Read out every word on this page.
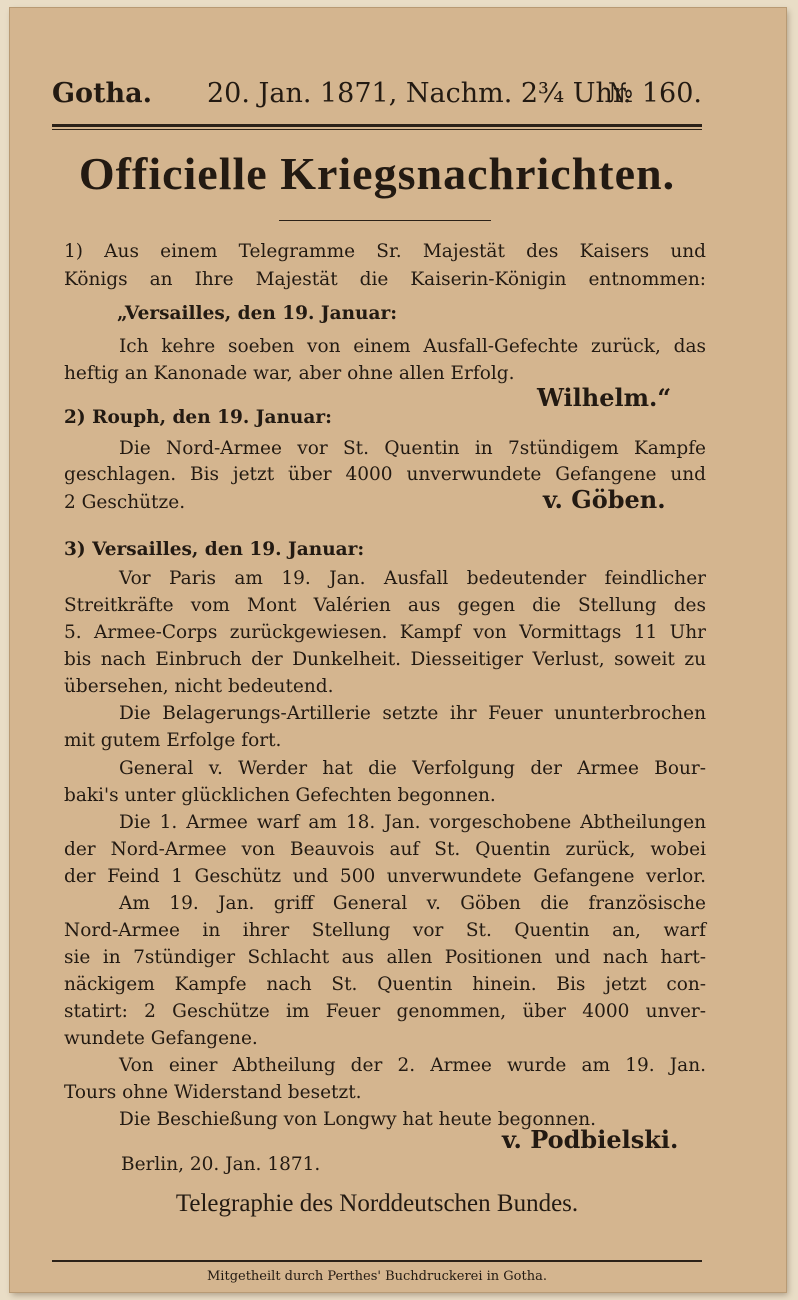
Gotha. 20. Jan. 1871, Nachm. 2¾ Uhr.
№ 160.
Officielle Kriegsnachrichten.
1) Aus einem Telegramme Sr. Majestät des Kaisers und
Königs an Ihre Majestät die Kaiserin-Königin entnommen:
„Versailles, den 19. Januar:
Ich kehre soeben von einem Ausfall-Gefechte zurück, das
heftig an Kanonade war, aber ohne allen Erfolg.
Wilhelm.“
2) Rouph, den 19. Januar:
Die Nord-Armee vor St. Quentin in 7stündigem Kampfe
geschlagen. Bis jetzt über 4000 unverwundete Gefangene und
2 Geschütze.	v. Göben.
3) Versailles, den 19. Januar:
Vor Paris am 19. Jan. Ausfall bedeutender feindlicher
Streitkräfte vom Mont Valérien aus gegen die Stellung des
5. Armee-Corps zurückgewiesen. Kampf von Vormittags 11 Uhr
bis nach Einbruch der Dunkelheit. Diesseitiger Verlust, soweit zu
übersehen, nicht bedeutend.
Die Belagerungs-Artillerie setzte ihr Feuer ununterbrochen
mit gutem Erfolge fort.
General v. Werder hat die Verfolgung der Armee Bour-
baki's unter glücklichen Gefechten begonnen.
Die 1. Armee warf am 18. Jan. vorgeschobene Abtheilungen
der Nord-Armee von Beauvois auf St. Quentin zurück, wobei
der Feind 1 Geschütz und 500 unverwundete Gefangene verlor.
Am 19. Jan. griff General v. Göben die französische
Nord-Armee in ihrer Stellung vor St. Quentin an, warf
sie in 7stündiger Schlacht aus allen Positionen und nach hart-
näckigem Kampfe nach St. Quentin hinein. Bis jetzt con-
statirt: 2 Geschütze im Feuer genommen, über 4000 unver-
wundete Gefangene.
Von einer Abtheilung der 2. Armee wurde am 19. Jan.
Tours ohne Widerstand besetzt.
Die Beschießung von Longwy hat heute begonnen.
v. Podbielski.
Berlin, 20. Jan. 1871.
Telegraphie des Norddeutschen Bundes.
Mitgetheilt durch Perthes' Buchdruckerei in Gotha.
